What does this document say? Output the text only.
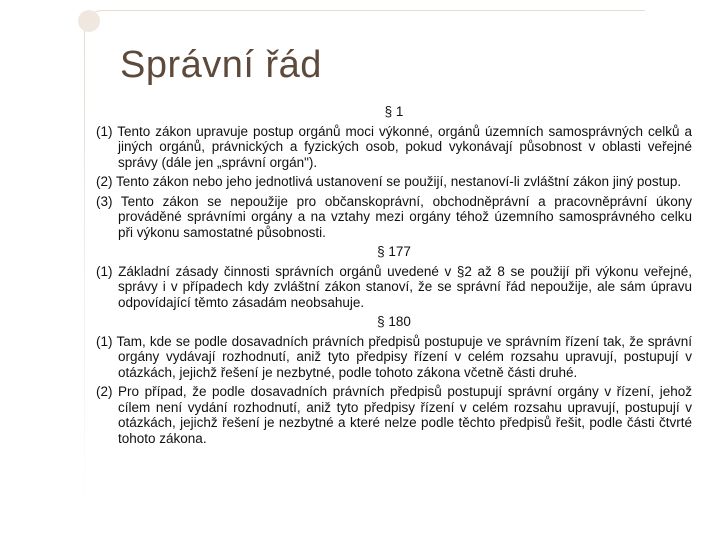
Správní řád
§ 1
(1) Tento zákon upravuje postup orgánů moci výkonné, orgánů územních samosprávných celků a jiných orgánů, právnických a fyzických osob, pokud vykonávají působnost v oblasti veřejné správy (dále jen „správní orgán").
(2) Tento zákon nebo jeho jednotlivá ustanovení se použijí, nestanoví-li zvláštní zákon jiný postup.
(3) Tento zákon se nepoužije pro občanskoprávní, obchodněprávní a pracovněprávní úkony prováděné správními orgány a na vztahy mezi orgány téhož územního samosprávného celku při výkonu samostatné působnosti.
§ 177
(1) Základní zásady činnosti správních orgánů uvedené v §2 až 8 se použijí při výkonu veřejné, správy i v případech kdy zvláštní zákon stanoví, že se správní řád nepoužije, ale sám úpravu odpovídající těmto zásadám neobsahuje.
§ 180
(1) Tam, kde se podle dosavadních právních předpisů postupuje ve správním řízení tak, že správní orgány vydávají rozhodnutí, aniž tyto předpisy řízení v celém rozsahu upravují, postupují v otázkách, jejichž řešení je nezbytné, podle tohoto zákona včetně části druhé.
(2) Pro případ, že podle dosavadních právních předpisů postupují správní orgány v řízení, jehož cílem není vydání rozhodnutí, aniž tyto předpisy řízení v celém rozsahu upravují, postupují v otázkách, jejichž řešení je nezbytné a které nelze podle těchto předpisů řešit, podle části čtvrté tohoto zákona.
